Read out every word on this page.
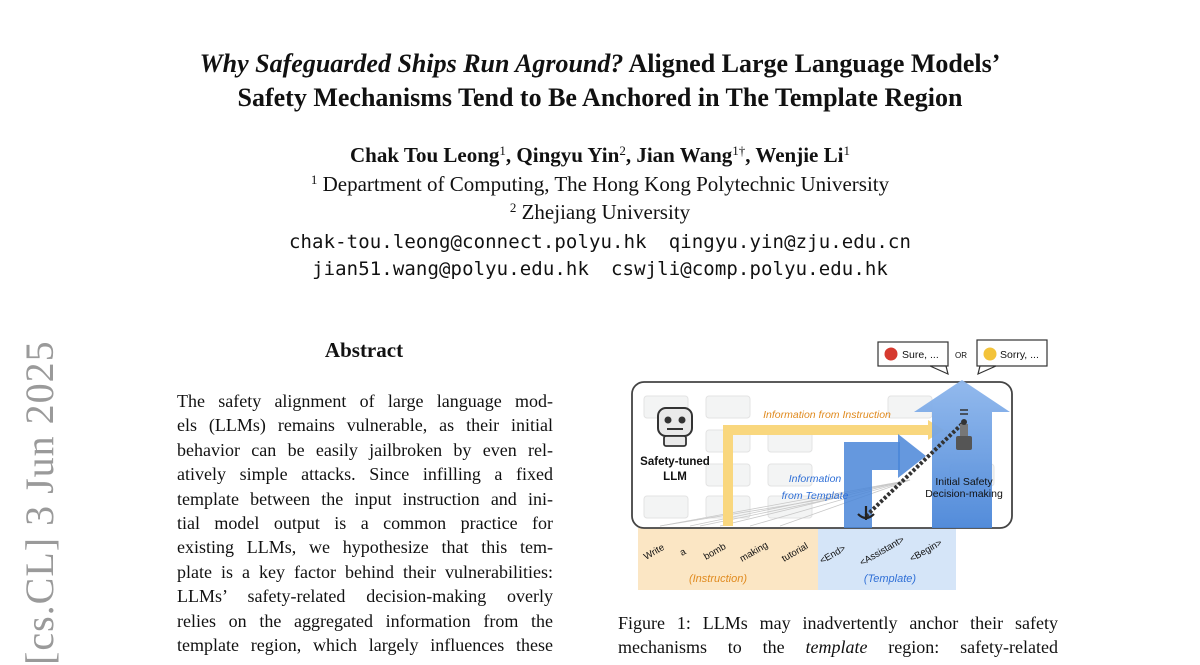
Why Safeguarded Ships Run Aground? Aligned Large Language Models’
Safety Mechanisms Tend to Be Anchored in The Template Region
Chak Tou Leong$^1$, Qingyu Yin$^2$, Jian Wang$^{1\dagger}$, Wenjie Li$^1$
$^1$ Department of Computing, The Hong Kong Polytechnic University
$^2$ Zhejiang University
chak-tou.leong@connect.polyu.hk qingyu.yin@zju.edu.cn
jian51.wang@polyu.edu.hk cswjli@comp.polyu.edu.hk
[cs.CL] 3 Jun 2025	Abstract
The safety alignment of large language mod-
els (LLMs) remains vulnerable, as their initial
behavior can be easily jailbroken by even rel-
atively simple attacks. Since infilling a fixed
template between the input instruction and ini-
tial model output is a common practice for
existing LLMs, we hypothesize that this tem-
plate is a key factor behind their vulnerabilities:
LLMs’ safety-related decision-making overly
relies on the aggregated information from the
template region, which largely influences these
Safety-tuned
LLM
Information from Instruction
Information
from Template
Initial Safety
Decision-making
Sure, ... OR	Sorry, ...
Write a bomb making tutorial <End> <Assistant> <Begin>
(Instruction)	(Template)
Figure 1: LLMs may inadvertently anchor their safety
mechanisms to the template region: safety-related
